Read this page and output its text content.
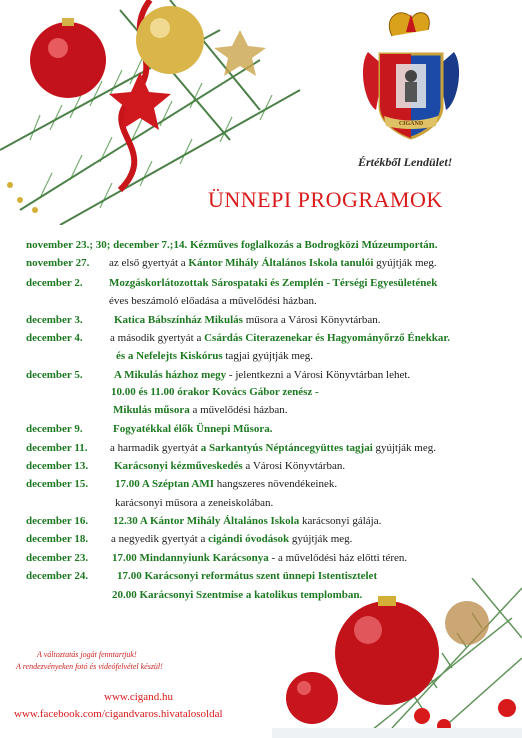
CIGÁND
Értékből Lendület!
ÜNNEPI PROGRAMOK
november 23.; 30; december 7.;14. Kézműves foglalkozás a Bodrogközi Múzeumportán.
november 27. az első gyertyát a Kántor Mihály Általános Iskola tanulói gyújtják meg.
december 2. Mozgáskorlátozottak Sárospataki és Zemplén - Térségi Egyesületének
éves beszámoló előadása a művelődési házban.
december 3.	Katica Bábszínház Mikulás műsora a Városi Könyvtárban.
december 4. a második gyertyát a Csárdás Citerazenekar és Hagyományőrző Énekkar.
és a Nefelejts Kiskórus tagjai gyújtják meg.
december 5.	A Mikulás házhoz megy - jelentkezni a Városi Könyvtárban lehet.
10.00 és 11.00 órakor Kovács Gábor zenész -
Mikulás műsora a művelődési házban.
december 9.	Fogyatékkal élők Ünnepi Műsora.
december 11. a harmadik gyertyát a Sarkantyús Néptáncegyüttes tagjai gyújtják meg.
december 13. Karácsonyi kézműveskedés a Városi Könyvtárban.
december 15. 17.00 A Széptan AMI hangszeres növendékeinek.
karácsonyi műsora a zeneiskolában.
december 16. 12.30 A Kántor Mihály Általános Iskola karácsonyi gálája.
december 18. a negyedik gyertyát a cigándi óvodások gyújtják meg.
december 23. 17.00 Mindannyiunk Karácsonya - a művelődési ház előtti téren.
december 24.	17.00 Karácsonyi református szent ünnepi Istentisztelet
20.00 Karácsonyi Szentmise a katolikus templomban.
A változtatás jogát fenntartjuk!
A rendezvényeken fotó és videófelvétel készül!
www.cigand.hu
www.facebook.com/cigandvaros.hivatalosoldal
